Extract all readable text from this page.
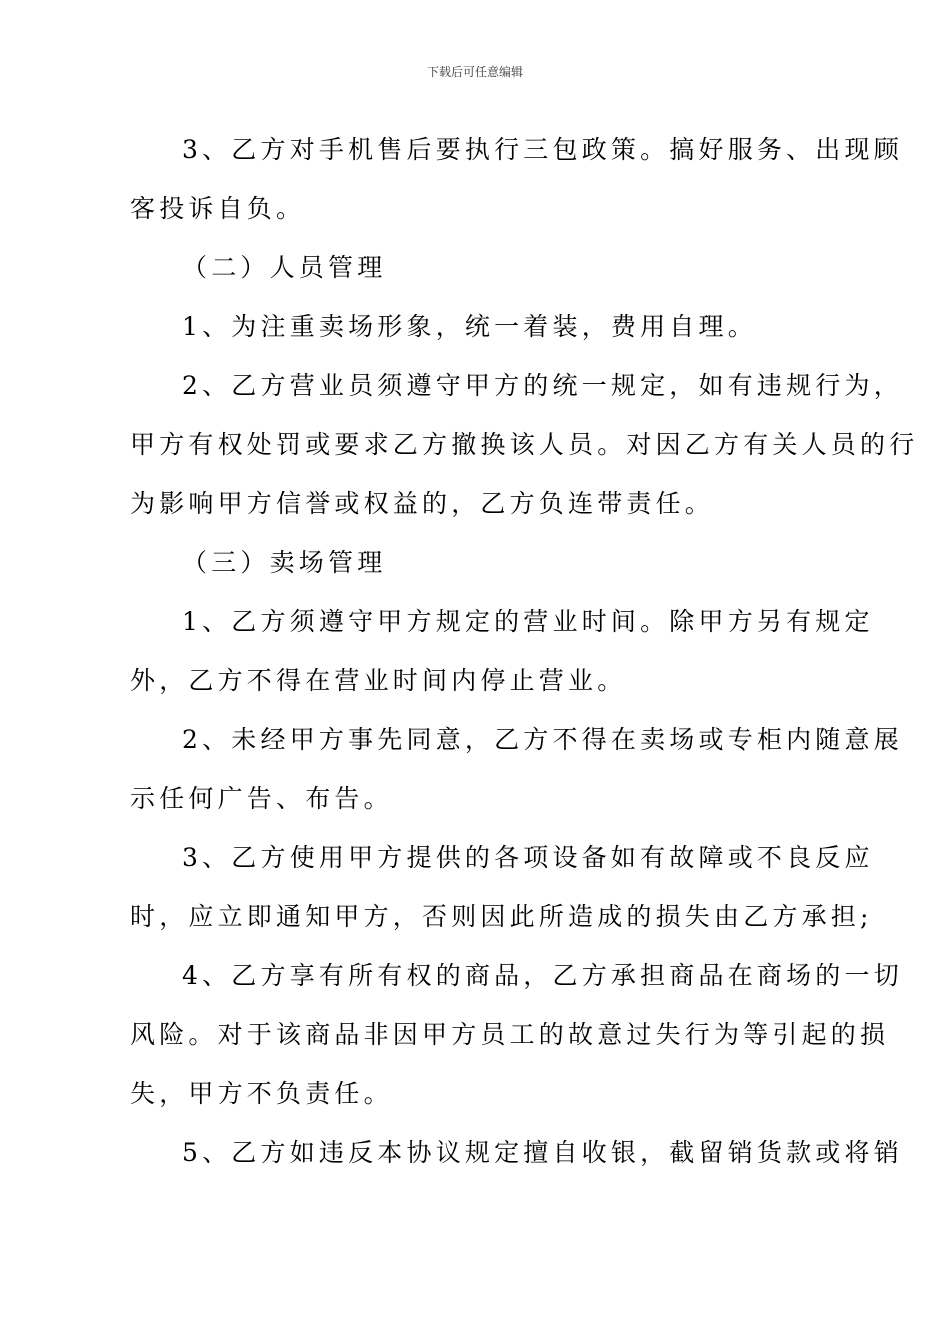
下载后可任意编辑
3、乙方对手机售后要执行三包政策。搞好服务、出现顾
客投诉自负。
（二）人员管理
1、为注重卖场形象，统一着装，费用自理。
2、乙方营业员须遵守甲方的统一规定，如有违规行为，
甲方有权处罚或要求乙方撤换该人员。对因乙方有关人员的行
为影响甲方信誉或权益的，乙方负连带责任。
（三）卖场管理
1、乙方须遵守甲方规定的营业时间。除甲方另有规定
外，乙方不得在营业时间内停止营业。
2、未经甲方事先同意，乙方不得在卖场或专柜内随意展
示任何广告、布告。
3、乙方使用甲方提供的各项设备如有故障或不良反应
时，应立即通知甲方，否则因此所造成的损失由乙方承担;
4、乙方享有所有权的商品，乙方承担商品在商场的一切
风险。对于该商品非因甲方员工的故意过失行为等引起的损
失，甲方不负责任。
5、乙方如违反本协议规定擅自收银，截留销货款或将销
